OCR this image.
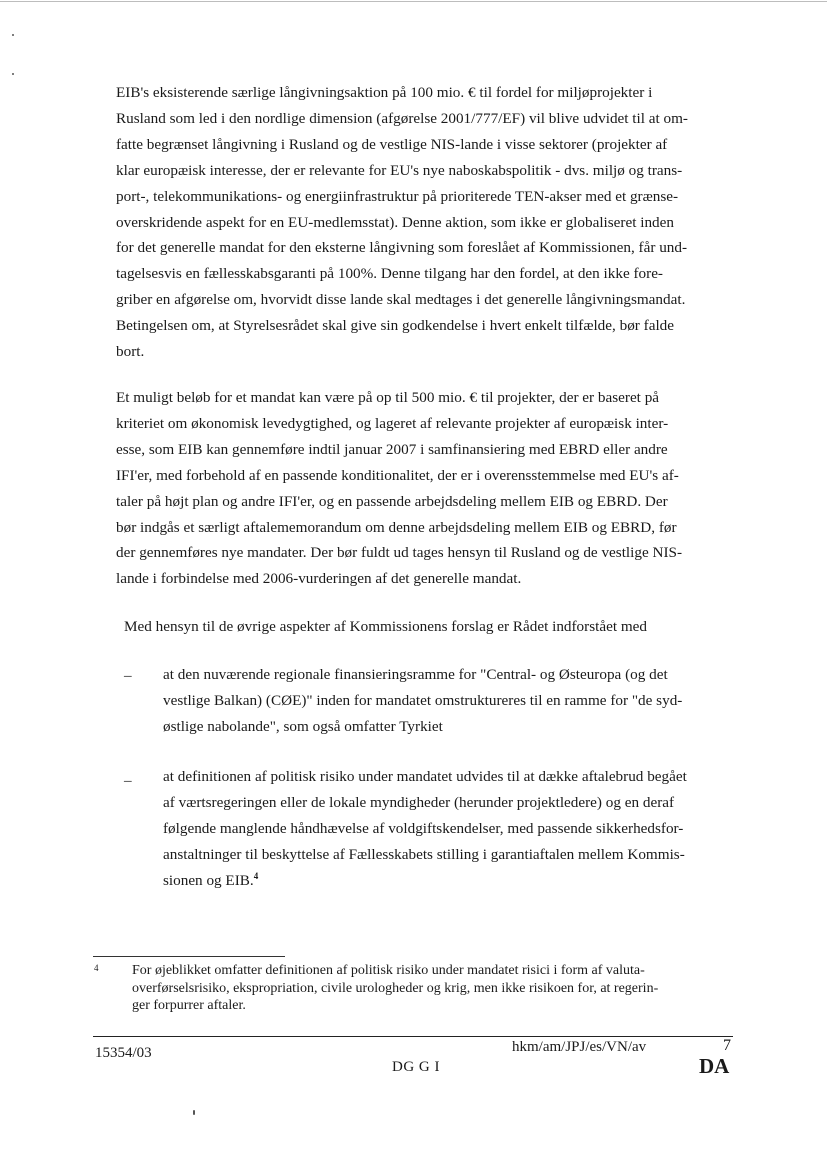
EIB's eksisterende særlige långivningsaktion på 100 mio. € til fordel for miljøprojekter i
Rusland som led i den nordlige dimension (afgørelse 2001/777/EF) vil blive udvidet til at om-
fatte begrænset långivning i Rusland og de vestlige NIS-lande i visse sektorer (projekter af
klar europæisk interesse, der er relevante for EU's nye naboskabspolitik - dvs. miljø og trans-
port-, telekommunikations- og energiinfrastruktur på prioriterede TEN-akser med et grænse-
overskridende aspekt for en EU-medlemsstat). Denne aktion, som ikke er globaliseret inden
for det generelle mandat for den eksterne långivning som foreslået af Kommissionen, får und-
tagelsesvis en fællesskabsgaranti på 100%. Denne tilgang har den fordel, at den ikke fore-
griber en afgørelse om, hvorvidt disse lande skal medtages i det generelle långivningsmandat.
Betingelsen om, at Styrelsesrådet skal give sin godkendelse i hvert enkelt tilfælde, bør falde
bort.
Et muligt beløb for et mandat kan være på op til 500 mio. € til projekter, der er baseret på
kriteriet om økonomisk levedygtighed, og lageret af relevante projekter af europæisk inter-
esse, som EIB kan gennemføre indtil januar 2007 i samfinansiering med EBRD eller andre
IFI'er, med forbehold af en passende konditionalitet, der er i overensstemmelse med EU's af-
taler på højt plan og andre IFI'er, og en passende arbejdsdeling mellem EIB og EBRD. Der
bør indgås et særligt aftalememorandum om denne arbejdsdeling mellem EIB og EBRD, før
der gennemføres nye mandater. Der bør fuldt ud tages hensyn til Rusland og de vestlige NIS-
lande i forbindelse med 2006-vurderingen af det generelle mandat.
Med hensyn til de øvrige aspekter af Kommissionens forslag er Rådet indforstået med
– at den nuværende regionale finansieringsramme for "Central- og Østeuropa (og det
vestlige Balkan) (CØE)" inden for mandatet omstruktureres til en ramme for "de syd-
østlige nabolande", som også omfatter Tyrkiet
– at definitionen af politisk risiko under mandatet udvides til at dække aftalebrud begået
af værtsregeringen eller de lokale myndigheder (herunder projektledere) og en deraf
følgende manglende håndhævelse af voldgiftskendelser, med passende sikkerhedsfor-
anstaltninger til beskyttelse af Fællesskabets stilling i garantiaftalen mellem Kommis-
sionen og EIB.$^4$
4 For øjeblikket omfatter definitionen af politisk risiko under mandatet risici i form af valuta-
overførselsrisiko, ekspropriation, civile urologheder og krig, men ikke risikoen for, at regerin-
ger forpurrer aftaler.
15354/03	hkm/am/JPJ/es/VN/av	7
DG G I	DA
